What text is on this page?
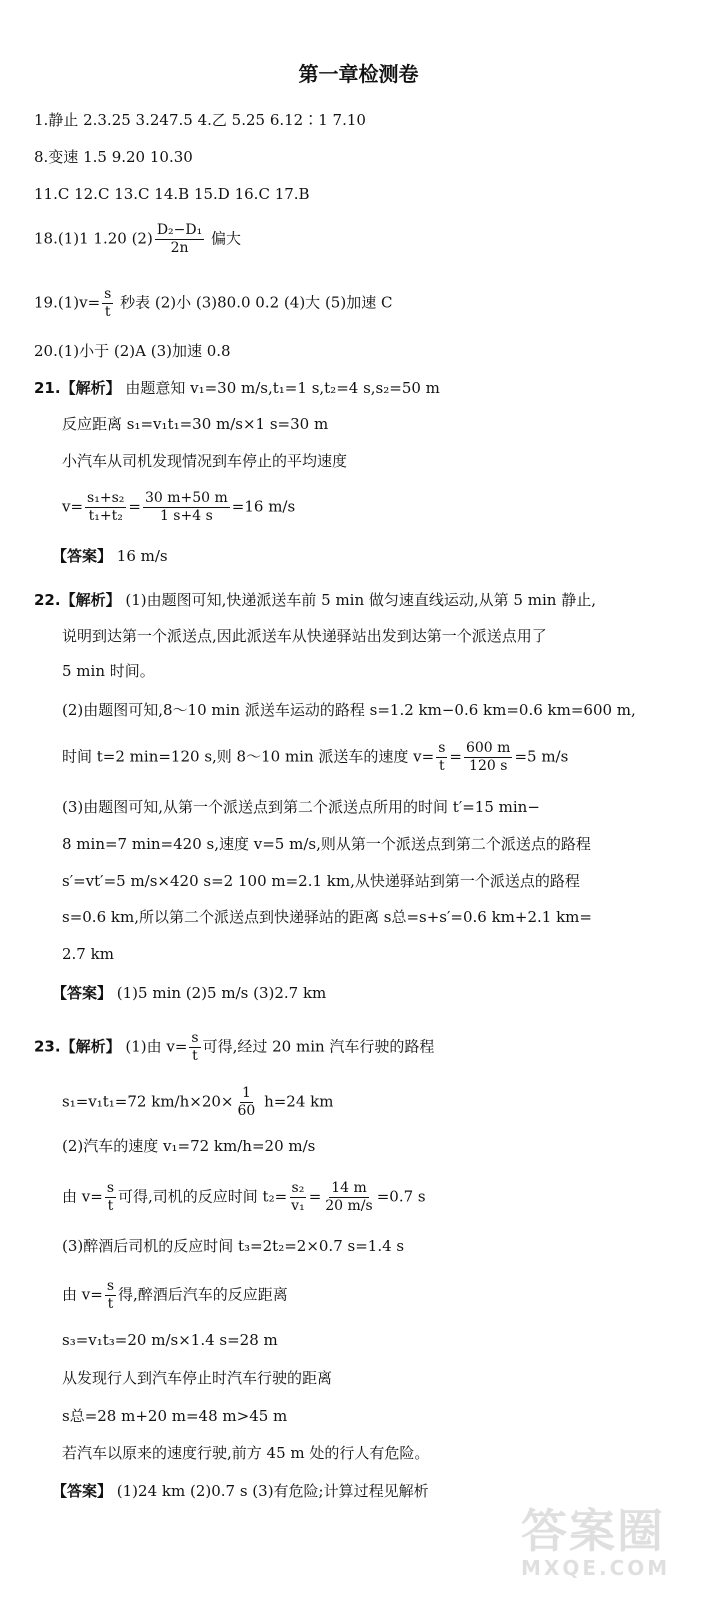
第一章检测卷
1.静止 2.3.25 3.247.5 4.乙 5.25 6.12∶1 7.10
8.变速 1.5 9.20 10.30
11.C 12.C 13.C 14.B 15.D 16.C 17.B
18.(1)1 1.20 $(2) \frac{\text{D₂−D₁}}{2n}$ 偏大
$19.(1)v= \frac{s}{t}$ 秒表 (2)小 (3)80.0 0.2 (4)大 (5)加速 C
20.(1)小于 (2)A (3)加速 0.8
21.【解析】 由题意知 v₁=30 m/s,t₁=1 s,t₂=4 s,s₂=50 m
反应距离 s₁=v₁t₁=30 m/s×1 s=30 m
小汽车从司机发现情况到车停止的平均速度
$v= \frac{\text{s₁+s₂}}{\text{t₁+t₂}} = \frac{30 m+50 m}{1 s+4 s} =16$ m/s
【答案】 16 m/s
22.【解析】 (1)由题图可知,快递派送车前 5 min 做匀速直线运动,从第 5 min 静止,
说明到达第一个派送点,因此派送车从快递驿站出发到达第一个派送点用了
5 min 时间。
(2)由题图可知,8～10 min 派送车运动的路程 s=1.2 km−0.6 km=0.6 km=600 m,
时间 t=2 min=120 s,则 8～10 min 派送车的速度 $v= \frac{s}{t} = \frac{600 m}{120 s} =5$ m/s
(3)由题图可知,从第一个派送点到第二个派送点所用的时间 t′=15 min−
8 min=7 min=420 s,速度 v=5 m/s,则从第一个派送点到第二个派送点的路程
s′=vt′=5 m/s×420 s=2 100 m=2.1 km,从快递驿站到第一个派送点的路程
s=0.6 km,所以第二个派送点到快递驿站的距离 s总=s+s′=0.6 km+2.1 km=
2.7 km
【答案】 (1)5 min (2)5 m/s (3)2.7 km
23.【解析】 (1)由 $v= \frac{s}{t}$ 可得,经过 20 min 汽车行驶的路程
s₁=v₁t₁=72 $km/h\times 20\times \frac{1}{60} h=24$ km
(2)汽车的速度 v₁=72 km/h=20 m/s
由 $v= \frac{s}{t}$ 可得,司机的反应时间 $t_2= \frac{\text{s₂}}{\text{v₁}} = \frac{14 m}{20 m/s} =0.7$ s
(3)醉酒后司机的反应时间 t₃=2t₂=2×0.7 s=1.4 s
由 $v= \frac{s}{t}$ 得,醉酒后汽车的反应距离
s₃=v₁t₃=20 m/s×1.4 s=28 m
从发现行人到汽车停止时汽车行驶的距离
s总=28 m+20 m=48 m>45 m
若汽车以原来的速度行驶,前方 45 m 处的行人有危险。
【答案】 (1)24 km (2)0.7 s (3)有危险;计算过程见解析
答案圈
MXQE.COM
